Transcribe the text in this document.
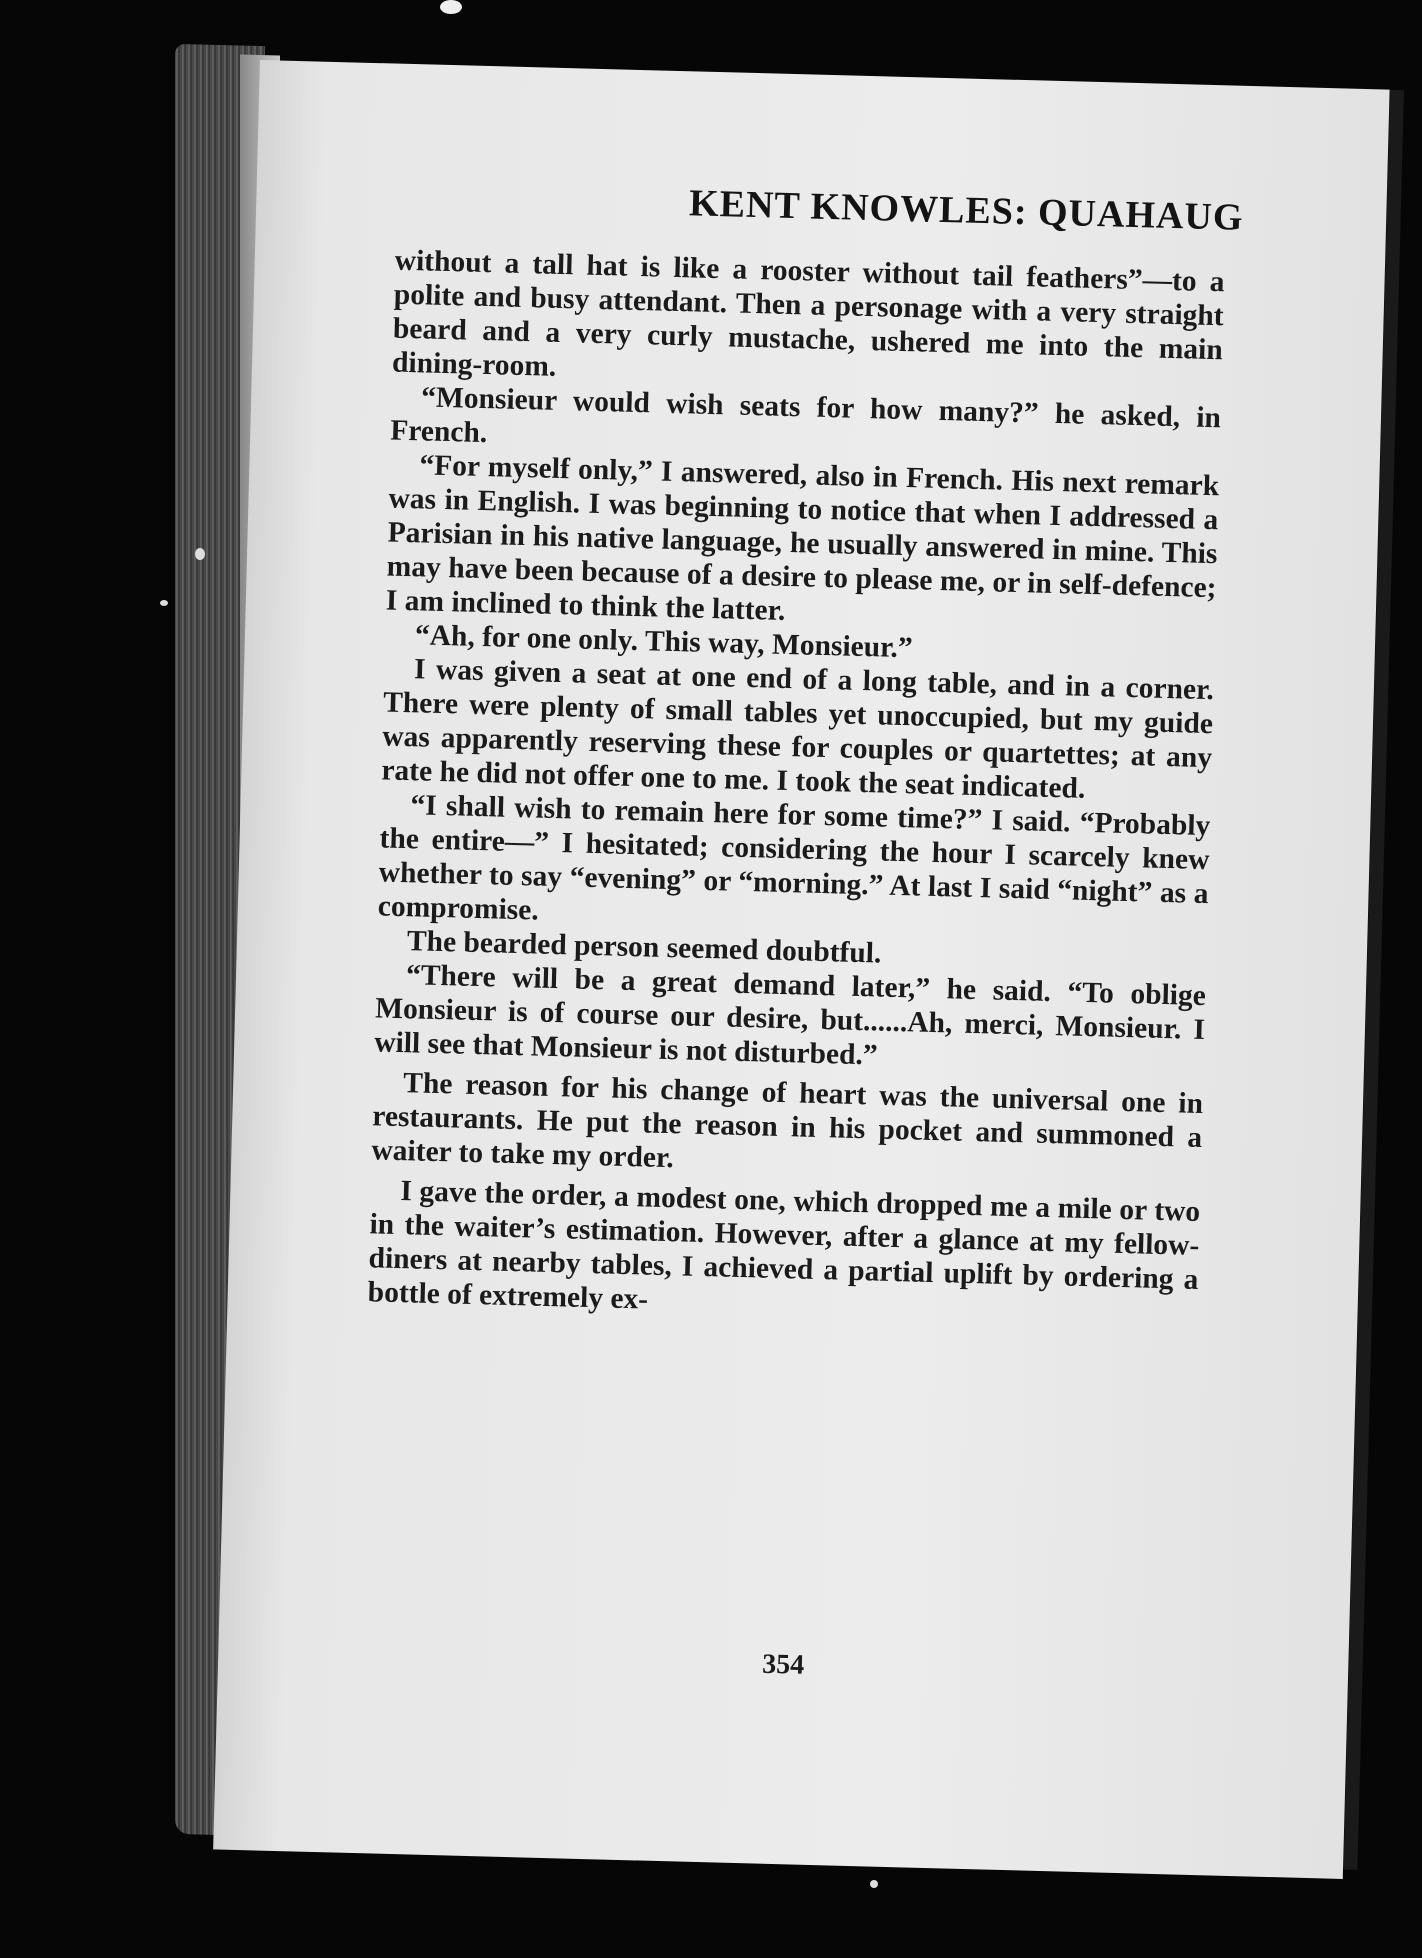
KENT KNOWLES: QUAHAUG

without a tall hat is like a rooster without tail feathers”—to a polite and busy attendant. Then a personage with a very straight beard and a very curly mustache, ushered me into the main dining-room.

“Monsieur would wish seats for how many?” he asked, in French.

“For myself only,” I answered, also in French. His next remark was in English. I was beginning to notice that when I addressed a Parisian in his native language, he usually answered in mine. This may have been because of a desire to please me, or in self-defence; I am inclined to think the latter.

“Ah, for one only. This way, Monsieur.”

I was given a seat at one end of a long table, and in a corner. There were plenty of small tables yet unoccupied, but my guide was apparently reserving these for couples or quartettes; at any rate he did not offer one to me. I took the seat indicated.

“I shall wish to remain here for some time?” I said. “Probably the entire—” I hesitated; considering the hour I scarcely knew whether to say “evening” or “morning.” At last I said “night” as a compromise.

The bearded person seemed doubtful.

“There will be a great demand later,” he said. “To oblige Monsieur is of course our desire, but......Ah, merci, Monsieur. I will see that Monsieur is not disturbed.”

The reason for his change of heart was the universal one in restaurants. He put the reason in his pocket and summoned a waiter to take my order.

I gave the order, a modest one, which dropped me a mile or two in the waiter’s estimation. However, after a glance at my fellow-diners at nearby tables, I achieved a partial uplift by ordering a bottle of extremely ex-

354
